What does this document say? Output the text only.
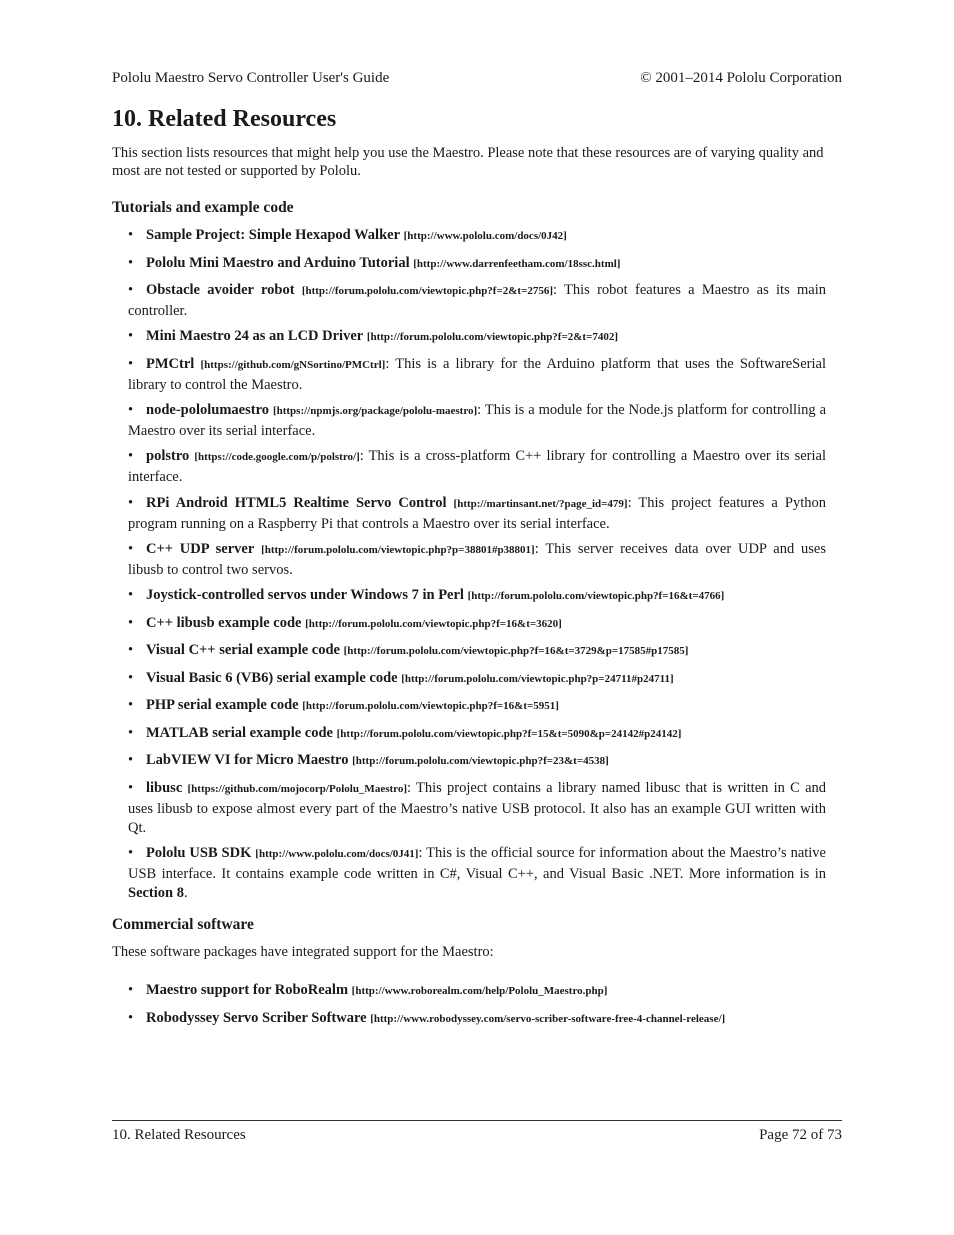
Pololu Maestro Servo Controller User's Guide	© 2001–2014 Pololu Corporation
10. Related Resources

This section lists resources that might help you use the Maestro. Please note that these resources are of varying quality and most are not tested or supported by Pololu.

Tutorials and example code
• Sample Project: Simple Hexapod Walker [http://www.pololu.com/docs/0J42]
• Pololu Mini Maestro and Arduino Tutorial [http://www.darrenfeetham.com/18ssc.html]
• Obstacle avoider robot [http://forum.pololu.com/viewtopic.php?f=2&t=2756]: This robot features a Maestro as its main controller.
• Mini Maestro 24 as an LCD Driver [http://forum.pololu.com/viewtopic.php?f=2&t=7402]
• PMCtrl [https://github.com/gNSortino/PMCtrl]: This is a library for the Arduino platform that uses the SoftwareSerial library to control the Maestro.
• node-pololumaestro [https://npmjs.org/package/pololu-maestro]: This is a module for the Node.js platform for controlling a Maestro over its serial interface.
• polstro [https://code.google.com/p/polstro/]: This is a cross-platform C++ library for controlling a Maestro over its serial interface.
• RPi Android HTML5 Realtime Servo Control [http://martinsant.net/?page_id=479]: This project features a Python program running on a Raspberry Pi that controls a Maestro over its serial interface.
• C++ UDP server [http://forum.pololu.com/viewtopic.php?p=38801#p38801]: This server receives data over UDP and uses libusb to control two servos.
• Joystick-controlled servos under Windows 7 in Perl [http://forum.pololu.com/viewtopic.php?f=16&t=4766]
• C++ libusb example code [http://forum.pololu.com/viewtopic.php?f=16&t=3620]
• Visual C++ serial example code [http://forum.pololu.com/viewtopic.php?f=16&t=3729&p=17585#p17585]
• Visual Basic 6 (VB6) serial example code [http://forum.pololu.com/viewtopic.php?p=24711#p24711]
• PHP serial example code [http://forum.pololu.com/viewtopic.php?f=16&t=5951]
• MATLAB serial example code [http://forum.pololu.com/viewtopic.php?f=15&t=5090&p=24142#p24142]
• LabVIEW VI for Micro Maestro [http://forum.pololu.com/viewtopic.php?f=23&t=4538]
• libusc [https://github.com/mojocorp/Pololu_Maestro]: This project contains a library named libusc that is written in C and uses libusb to expose almost every part of the Maestro’s native USB protocol. It also has an example GUI written with Qt.
• Pololu USB SDK [http://www.pololu.com/docs/0J41]: This is the official source for information about the Maestro’s native USB interface. It contains example code written in C#, Visual C++, and Visual Basic .NET. More information is in Section 8.
Commercial software

These software packages have integrated support for the Maestro:

• Maestro support for RoboRealm [http://www.roborealm.com/help/Pololu_Maestro.php]
• Robodyssey Servo Scriber Software [http://www.robodyssey.com/servo-scriber-software-free-4-channel-release/]
10. Related Resources	Page 72 of 73
